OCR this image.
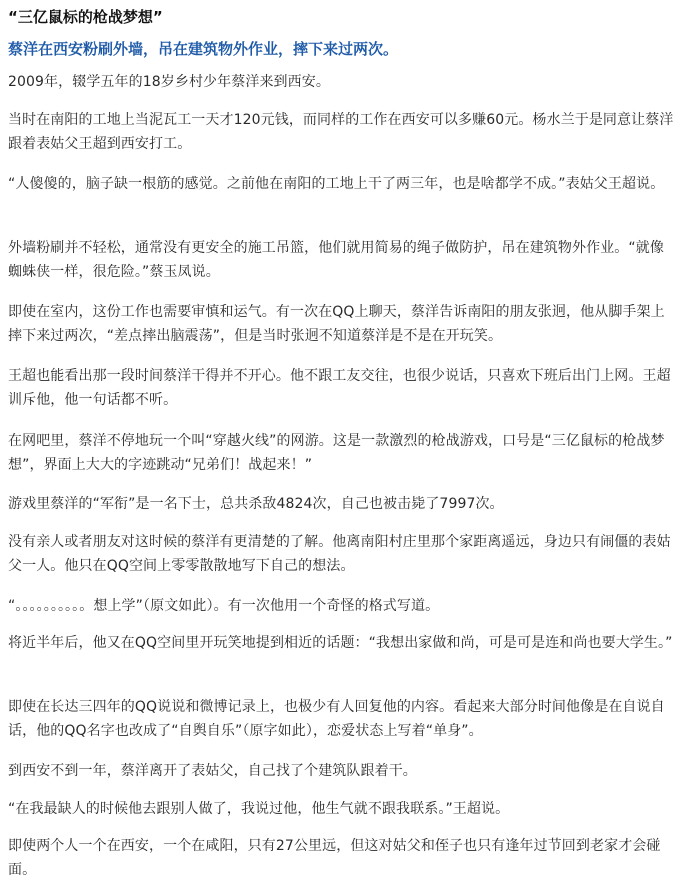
“三亿鼠标的枪战梦想”
蔡洋在西安粉刷外墙，吊在建筑物外作业，摔下来过两次。
2009年，辍学五年的18岁乡村少年蔡洋来到西安。
当时在南阳的工地上当泥瓦工一天才120元钱，而同样的工作在西安可以多赚60元。杨水兰于是同意让蔡洋跟着表姑父王超到西安打工。
“人傻傻的，脑子缺一根筋的感觉。之前他在南阳的工地上干了两三年，也是啥都学不成。”表姑父王超说。
外墙粉刷并不轻松，通常没有更安全的施工吊篮，他们就用简易的绳子做防护，吊在建筑物外作业。“就像蜘蛛侠一样，很危险。”蔡玉凤说。
即使在室内，这份工作也需要审慎和运气。有一次在QQ上聊天，蔡洋告诉南阳的朋友张迥，他从脚手架上摔下来过两次，“差点摔出脑震荡”，但是当时张迥不知道蔡洋是不是在开玩笑。
王超也能看出那一段时间蔡洋干得并不开心。他不跟工友交往，也很少说话，只喜欢下班后出门上网。王超训斥他，他一句话都不听。
在网吧里，蔡洋不停地玩一个叫“穿越火线”的网游。这是一款激烈的枪战游戏，口号是“三亿鼠标的枪战梦想”，界面上大大的字迹跳动“兄弟们！战起来！”
游戏里蔡洋的“军衔”是一名下士，总共杀敌4824次，自己也被击毙了7997次。
没有亲人或者朋友对这时候的蔡洋有更清楚的了解。他离南阳村庄里那个家距离遥远，身边只有闹僵的表姑父一人。他只在QQ空间上零零散散地写下自己的想法。
“。。。。。。。。。。想上学”（原文如此）。有一次他用一个奇怪的格式写道。
将近半年后，他又在QQ空间里开玩笑地提到相近的话题：“我想出家做和尚，可是可是连和尚也要大学生。”
即使在长达三四年的QQ说说和微博记录上，也极少有人回复他的内容。看起来大部分时间他像是在自说自话，他的QQ名字也改成了“自舆自乐”（原字如此），恋爱状态上写着“单身”。
到西安不到一年，蔡洋离开了表姑父，自己找了个建筑队跟着干。
“在我最缺人的时候他去跟别人做了，我说过他，他生气就不跟我联系。”王超说。
即使两个人一个在西安，一个在咸阳，只有27公里远，但这对姑父和侄子也只有逢年过节回到老家才会碰面。
